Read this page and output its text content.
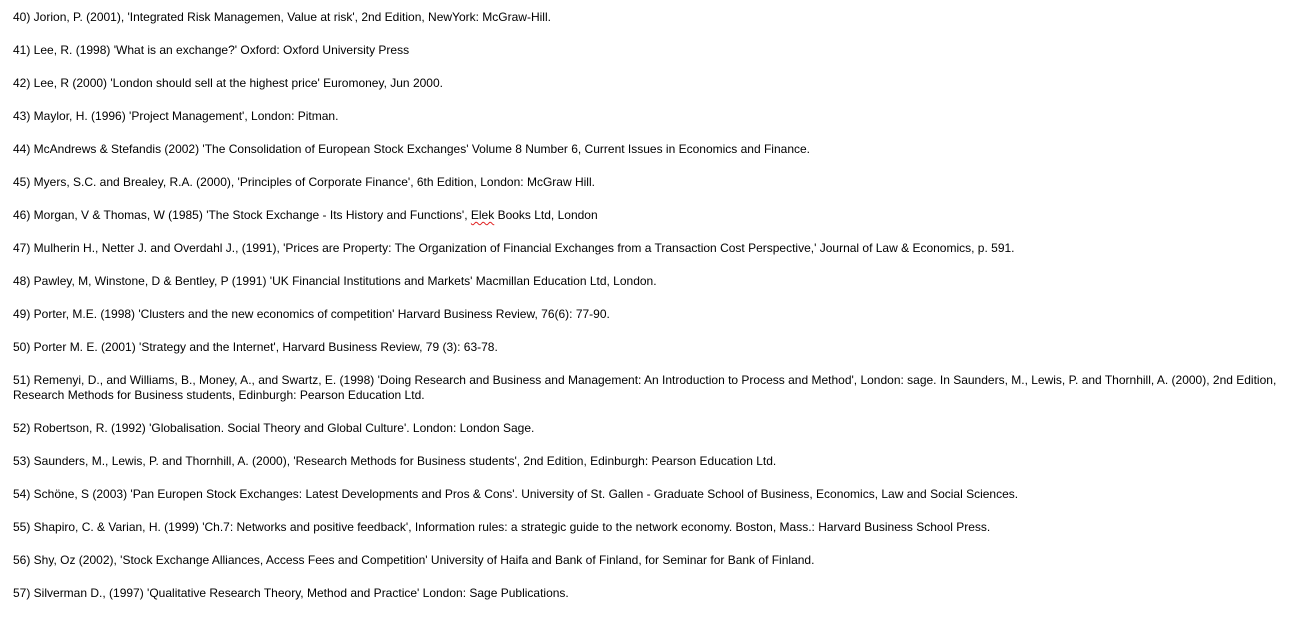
40) Jorion, P. (2001), 'Integrated Risk Managemen, Value at risk', 2nd Edition, NewYork: McGraw-Hill.

41) Lee, R. (1998) 'What is an exchange?' Oxford: Oxford University Press

42) Lee, R (2000) 'London should sell at the highest price' Euromoney, Jun 2000.

43) Maylor, H. (1996) 'Project Management', London: Pitman.

44) McAndrews & Stefandis (2002) 'The Consolidation of European Stock Exchanges' Volume 8 Number 6, Current Issues in Economics and Finance.

45) Myers, S.C. and Brealey, R.A. (2000), 'Principles of Corporate Finance', 6th Edition, London: McGraw Hill.

46) Morgan, V & Thomas, W (1985) 'The Stock Exchange - Its History and Functions', Elek Books Ltd, London

47) Mulherin H., Netter J. and Overdahl J., (1991), 'Prices are Property: The Organization of Financial Exchanges from a Transaction Cost Perspective,' Journal of Law & Economics, p. 591.

48) Pawley, M, Winstone, D & Bentley, P (1991) 'UK Financial Institutions and Markets' Macmillan Education Ltd, London.

49) Porter, M.E. (1998) 'Clusters and the new economics of competition' Harvard Business Review, 76(6): 77-90.

50) Porter M. E. (2001) 'Strategy and the Internet', Harvard Business Review, 79 (3): 63-78.

51) Remenyi, D., and Williams, B., Money, A., and Swartz, E. (1998) 'Doing Research and Business and Management: An Introduction to Process and Method', London: sage. In Saunders, M., Lewis, P. and Thornhill, A. (2000), 2nd Edition, Research Methods for Business students, Edinburgh: Pearson Education Ltd.

52) Robertson, R. (1992) 'Globalisation. Social Theory and Global Culture'. London: London Sage.

53) Saunders, M., Lewis, P. and Thornhill, A. (2000), 'Research Methods for Business students', 2nd Edition, Edinburgh: Pearson Education Ltd.

54) Schöne, S (2003) 'Pan Europen Stock Exchanges: Latest Developments and Pros & Cons'. University of St. Gallen - Graduate School of Business, Economics, Law and Social Sciences.

55) Shapiro, C. & Varian, H. (1999) 'Ch.7: Networks and positive feedback', Information rules: a strategic guide to the network economy. Boston, Mass.: Harvard Business School Press.

56) Shy, Oz (2002), 'Stock Exchange Alliances, Access Fees and Competition' University of Haifa and Bank of Finland, for Seminar for Bank of Finland.

57) Silverman D., (1997) 'Qualitative Research Theory, Method and Practice' London: Sage Publications.
